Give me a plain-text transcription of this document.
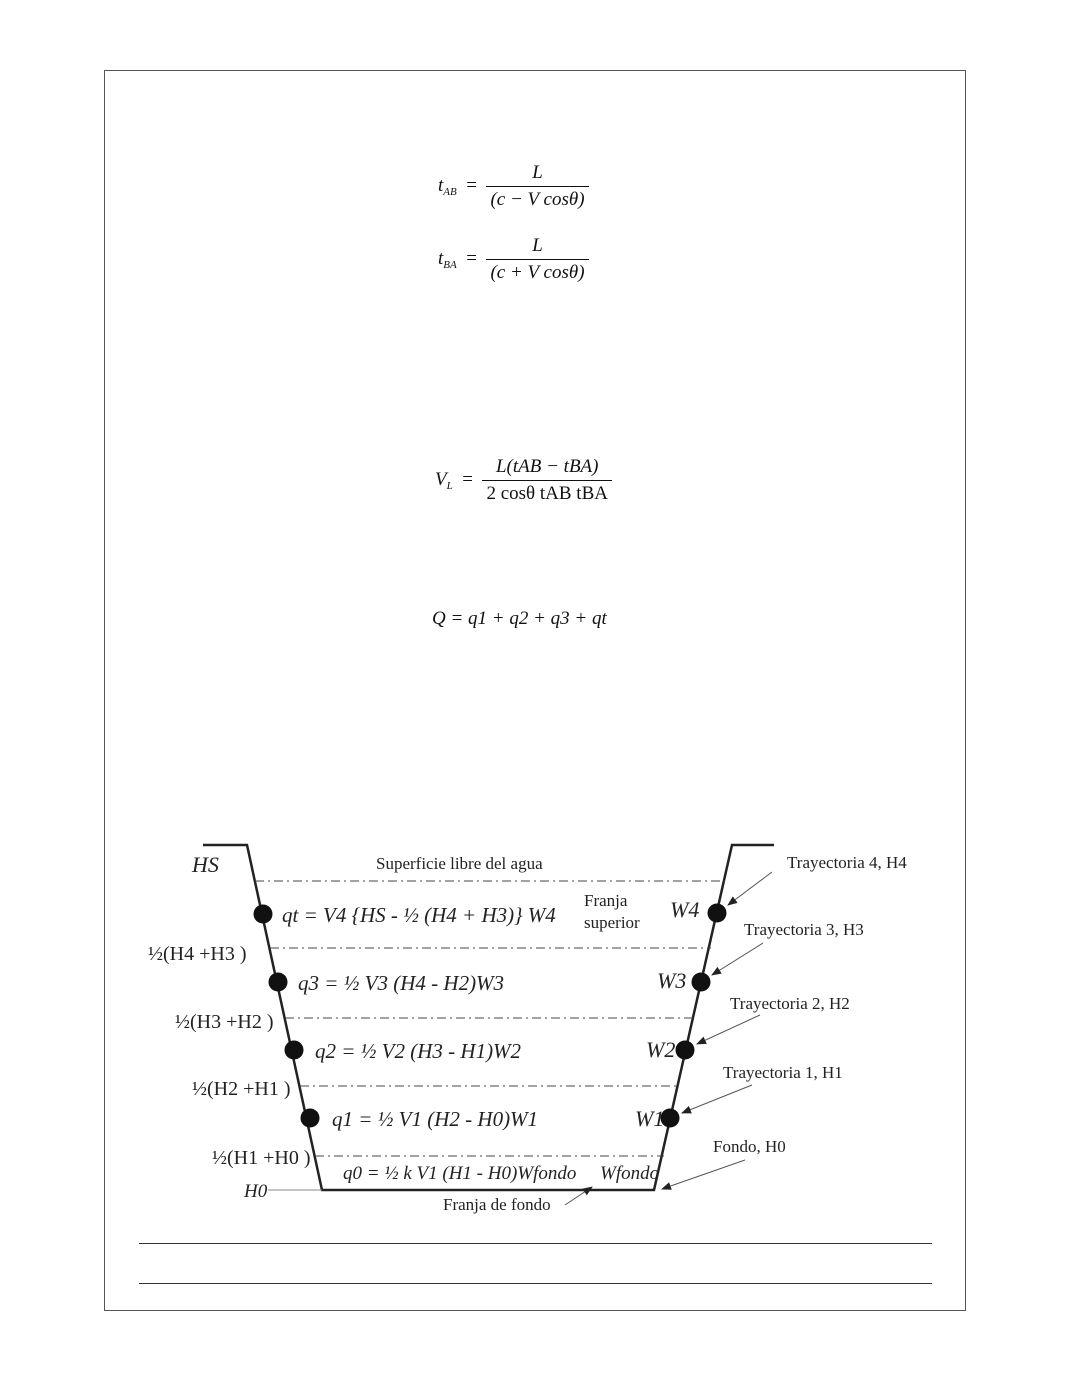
$t_{AB} = \frac{L}{\text{(c − V cosθ)}}$
$t_{BA} = \frac{L}{\text{(c + V cosθ)}}$
$V_L = \frac{\text{L(tAB − tBA)}}{\text{2 cosθ tAB tBA}}$
Q = q1 + q2 + q3 + qt
Superficie libre del agua
Franja
superior
HS
H0
½(H4 +H3 )
½(H3 +H2 )
½(H2 +H1 )
½(H1 +H0 )
qt = V4 {HS - ½ (H4 + H3)} W4
q3 = ½ V3 (H4 - H2)W3
q2 = ½ V2 (H3 - H1)W2
q1 = ½ V1 (H2 - H0)W1
q0 = ½ k V1 (H1 - H0)Wfondo
W4
W3
W2
W1
Wfondo
Trayectoria 4, H4
Trayectoria 3, H3
Trayectoria 2, H2
Trayectoria 1, H1
Fondo, H0
Franja de fondo
